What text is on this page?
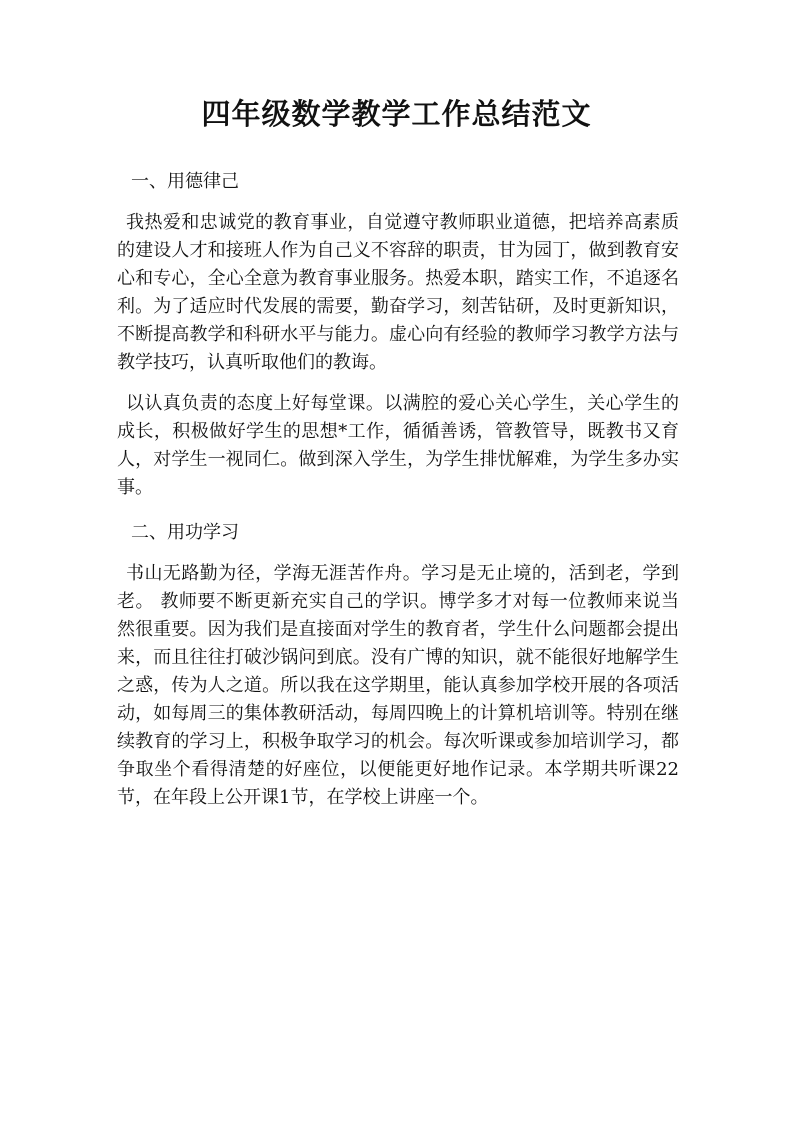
四年级数学教学工作总结范文
一、用德律己

我热爱和忠诚党的教育事业，自觉遵守教师职业道德，把培养高素质的建设人才和接班人作为自己义不容辞的职责，甘为园丁，做到教育安心和专心，全心全意为教育事业服务。热爱本职，踏实工作，不追逐名利。为了适应时代发展的需要，勤奋学习，刻苦钻研，及时更新知识，不断提高教学和科研水平与能力。虚心向有经验的教师学习教学方法与教学技巧，认真听取他们的教诲。

以认真负责的态度上好每堂课。以满腔的爱心关心学生，关心学生的成长，积极做好学生的思想*工作，循循善诱，管教管导，既教书又育人，对学生一视同仁。做到深入学生，为学生排忧解难，为学生多办实事。

二、用功学习

书山无路勤为径，学海无涯苦作舟。学习是无止境的，活到老，学到老。 教师要不断更新充实自己的学识。博学多才对每一位教师来说当然很重要。因为我们是直接面对学生的教育者，学生什么问题都会提出来，而且往往打破沙锅问到底。没有广博的知识，就不能很好地解学生之惑，传为人之道。所以我在这学期里，能认真参加学校开展的各项活动，如每周三的集体教研活动，每周四晚上的计算机培训等。特别在继续教育的学习上，积极争取学习的机会。每次听课或参加培训学习，都争取坐个看得清楚的好座位，以便能更好地作记录。本学期共听课22节，在年段上公开课1节，在学校上讲座一个。
